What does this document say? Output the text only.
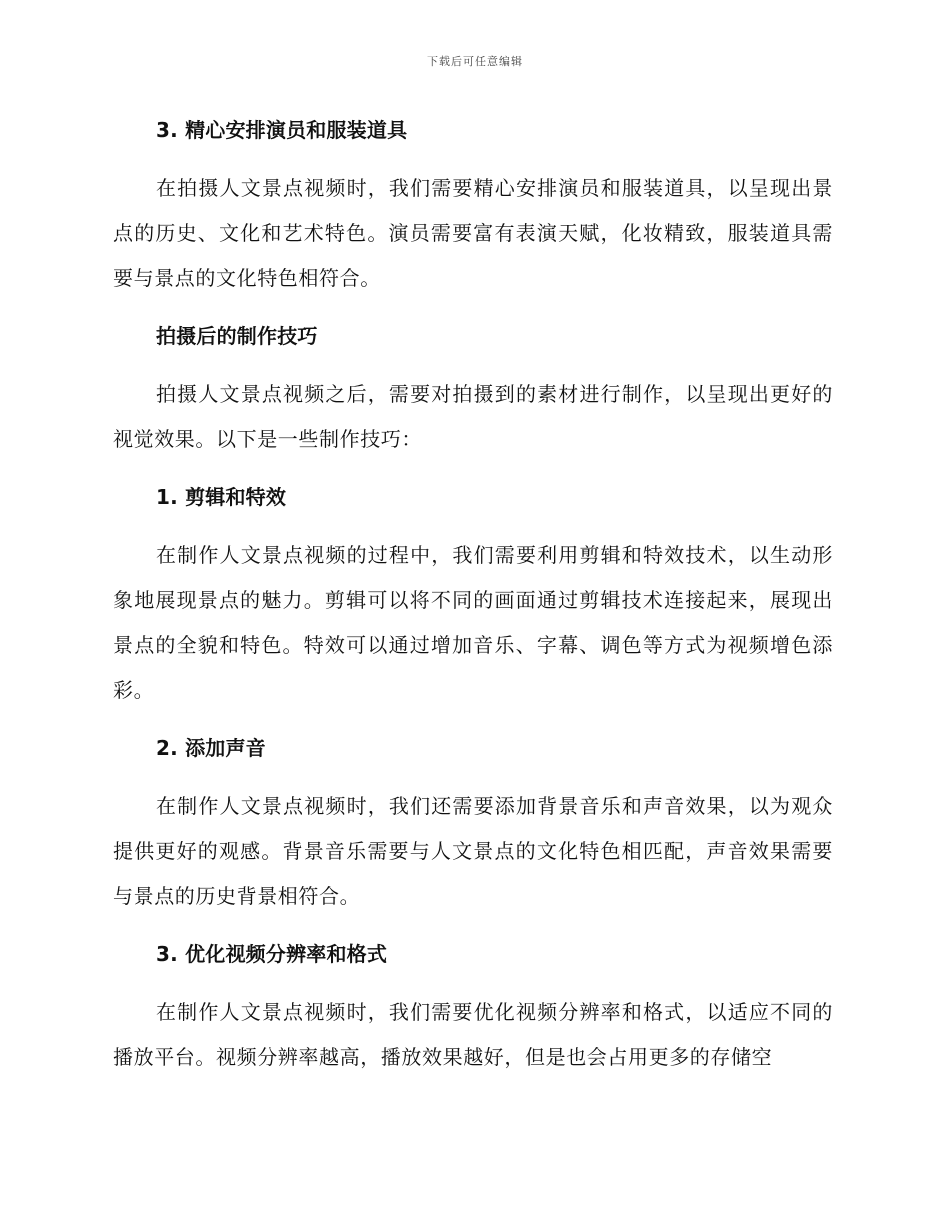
下载后可任意编辑
3. 精心安排演员和服装道具

在拍摄人文景点视频时，我们需要精心安排演员和服装道具，以呈现出景点的历史、文化和艺术特色。演员需要富有表演天赋，化妆精致，服装道具需要与景点的文化特色相符合。

拍摄后的制作技巧

拍摄人文景点视频之后，需要对拍摄到的素材进行制作，以呈现出更好的视觉效果。以下是一些制作技巧：

1. 剪辑和特效

在制作人文景点视频的过程中，我们需要利用剪辑和特效技术，以生动形象地展现景点的魅力。剪辑可以将不同的画面通过剪辑技术连接起来，展现出景点的全貌和特色。特效可以通过增加音乐、字幕、调色等方式为视频增色添彩。

2. 添加声音

在制作人文景点视频时，我们还需要添加背景音乐和声音效果，以为观众提供更好的观感。背景音乐需要与人文景点的文化特色相匹配，声音效果需要与景点的历史背景相符合。

3. 优化视频分辨率和格式

在制作人文景点视频时，我们需要优化视频分辨率和格式，以适应不同的播放平台。视频分辨率越高，播放效果越好，但是也会占用更多的存储空
